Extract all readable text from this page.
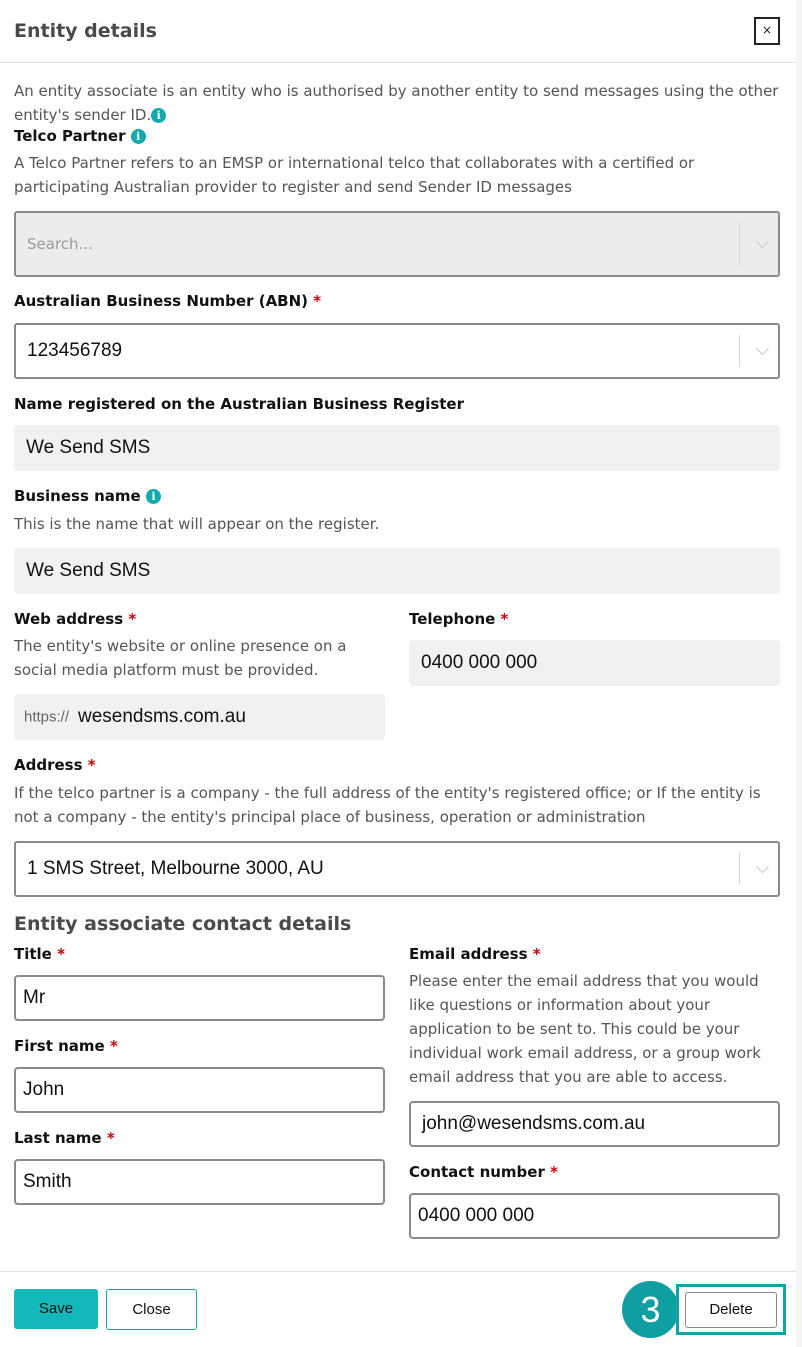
Entity details	×
An entity associate is an entity who is authorised by another entity to send messages using the other
entity's sender ID. i
Telco Partner i
A Telco Partner refers to an EMSP or international telco that collaborates with a certified or
participating Australian provider to register and send Sender ID messages
Search...
Australian Business Number (ABN) *
123456789
Name registered on the Australian Business Register
We Send SMS
Business name i
This is the name that will appear on the register.
We Send SMS
Web address *
The entity's website or online presence on a
social media platform must be provided.
https:// wesendsms.com.au
Telephone *
0400 000 000
Address *
If the telco partner is a company - the full address of the entity's registered office; or If the entity is
not a company - the entity's principal place of business, operation or administration
1 SMS Street, Melbourne 3000, AU
Entity associate contact details
Title *
Mr
First name *
John
Last name *
Smith
Email address *
Please enter the email address that you would
like questions or information about your
application to be sent to. This could be your
individual work email address, or a group work
email address that you are able to access.
john@wesendsms.com.au
Contact number *
0400 000 000
Save	Close	3	Delete
